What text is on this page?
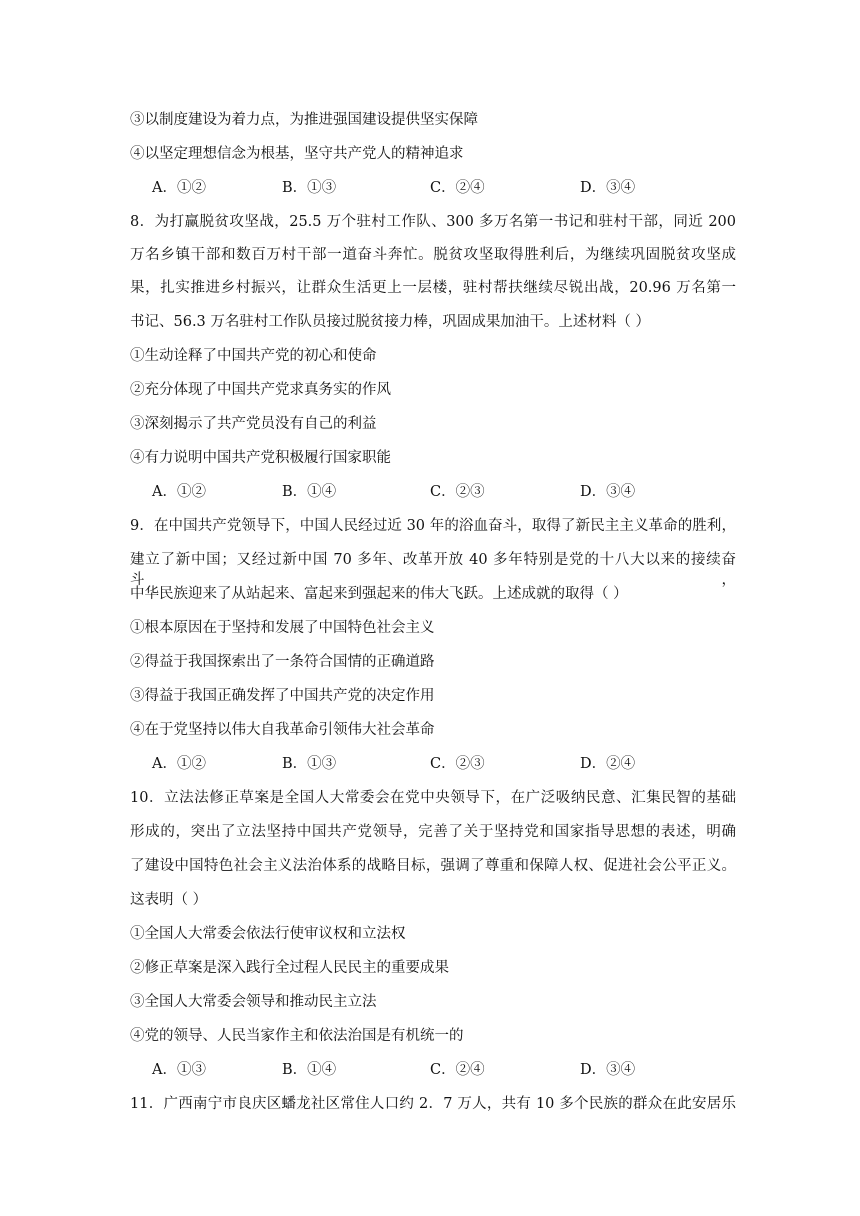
③以制度建设为着力点，为推进强国建设提供坚实保障
④以坚定理想信念为根基，坚守共产党人的精神追求
A．①②	B．①③	C．②④	D．③④
8．为打赢脱贫攻坚战，25.5 万个驻村工作队、300 多万名第一书记和驻村干部，同近 200
万名乡镇干部和数百万村干部一道奋斗奔忙。脱贫攻坚取得胜利后，为继续巩固脱贫攻坚成
果，扎实推进乡村振兴，让群众生活更上一层楼，驻村帮扶继续尽锐出战，20.96 万名第一
书记、56.3 万名驻村工作队员接过脱贫接力棒，巩固成果加油干。上述材料（ ）
①生动诠释了中国共产党的初心和使命
②充分体现了中国共产党求真务实的作风
③深刻揭示了共产党员没有自己的利益
④有力说明中国共产党积极履行国家职能
A．①②	B．①④	C．②③	D．③④
9．在中国共产党领导下，中国人民经过近 30 年的浴血奋斗，取得了新民主主义革命的胜利，
建立了新中国；又经过新中国 70 多年、改革开放 40 多年特别是党的十八大以来的接续奋斗，
中华民族迎来了从站起来、富起来到强起来的伟大飞跃。上述成就的取得（ ）
①根本原因在于坚持和发展了中国特色社会主义
②得益于我国探索出了一条符合国情的正确道路
③得益于我国正确发挥了中国共产党的决定作用
④在于党坚持以伟大自我革命引领伟大社会革命
A．①②	B．①③	C．②③	D．②④
10．立法法修正草案是全国人大常委会在党中央领导下，在广泛吸纳民意、汇集民智的基础
形成的，突出了立法坚持中国共产党领导，完善了关于坚持党和国家指导思想的表述，明确
了建设中国特色社会主义法治体系的战略目标，强调了尊重和保障人权、促进社会公平正义。
这表明（ ）
①全国人大常委会依法行使审议权和立法权
②修正草案是深入践行全过程人民民主的重要成果
③全国人大常委会领导和推动民主立法
④党的领导、人民当家作主和依法治国是有机统一的
A．①③	B．①④	C．②④	D．③④
11．广西南宁市良庆区蟠龙社区常住人口约 2．7 万人，共有 10 多个民族的群众在此安居乐
